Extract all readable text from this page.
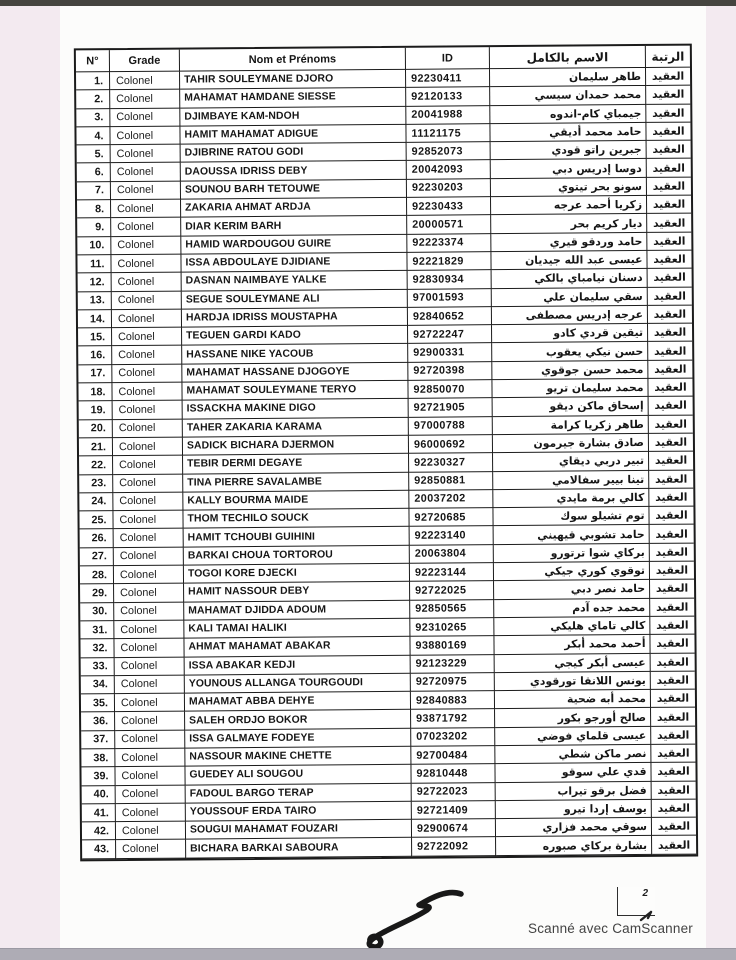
N°	Grade	Nom et Prénoms	ID	الاسم بالكامل	الرتبة
1.	Colonel	TAHIR SOULEYMANE DJORO	92230411	طاهر سليمان	العقيد
2.	Colonel	MAHAMAT HAMDANE SIESSE	92120133	محمد حمدان سيسي	العقيد
3.	Colonel	DJIMBAYE KAM-NDOH	20041988	جيمباي كام-اندوه	العقيد
4.	Colonel	HAMIT MAHAMAT ADIGUE	11121175	حامد محمد أديقي	العقيد
5.	Colonel	DJIBRINE RATOU GODI	92852073	جبرين راتو قودي	العقيد
6.	Colonel	DAOUSSA IDRISS DEBY	20042093	دوسا إدريس دبي	العقيد
7.	Colonel	SOUNOU BARH TETOUWE	92230203	سونو بحر تيتوي	العقيد
8.	Colonel	ZAKARIA AHMAT ARDJA	92230433	زكريا أحمد عرجه	العقيد
9.	Colonel	DIAR KERIM BARH	20000571	ديار كريم بحر	العقيد
10.	Colonel	HAMID WARDOUGOU GUIRE	92223374	حامد وردقو قيري	العقيد
11.	Colonel	ISSA ABDOULAYE DJIDIANE	92221829	عيسى عبد الله جيديان	العقيد
12.	Colonel	DASNAN NAIMBAYE YALKE	92830934	دسنان نيامباي بالكي	العقيد
13.	Colonel	SEGUE SOULEYMANE ALI	97001593	سقي سليمان علي	العقيد
14.	Colonel	HARDJA IDRISS MOUSTAPHA	92840652	عرجه إدريس مصطفى	العقيد
15.	Colonel	TEGUEN GARDI KADO	92722247	تيقين قردي كادو	العقيد
16.	Colonel	HASSANE NIKE YACOUB	92900331	حسن نيكي يعقوب	العقيد
17.	Colonel	MAHAMAT HASSANE DJOGOYE	92720398	محمد حسن جوقوي	العقيد
18.	Colonel	MAHAMAT SOULEYMANE TERYO	92850070	محمد سليمان تريو	العقيد
19.	Colonel	ISSACKHA MAKINE DIGO	92721905	إسحاق ماكن ديقو	العقيد
20.	Colonel	TAHER ZAKARIA KARAMA	97000788	طاهر زكريا كرامة	العقيد
21.	Colonel	SADICK BICHARA DJERMON	96000692	صادق بشارة جيرمون	العقيد
22.	Colonel	TEBIR DERMI DEGAYE	92230327	تبير دربي ديقاي	العقيد
23.	Colonel	TINA PIERRE SAVALAMBE	92850881	تينا بيير سفالامي	العقيد
24.	Colonel	KALLY BOURMA MAIDE	20037202	كالي برمة مايدي	العقيد
25.	Colonel	THOM TECHILO SOUCK	92720685	توم تشيلو سوك	العقيد
26.	Colonel	HAMIT TCHOUBI GUIHINI	92223140	حامد تشوبي قيهيني	العقيد
27.	Colonel	BARKAI CHOUA TORTOROU	20063804	بركاي شوا ترتورو	العقيد
28.	Colonel	TOGOI KORE DJECKI	92223144	توقوي كوري جيكي	العقيد
29.	Colonel	HAMIT NASSOUR DEBY	92722025	حامد نصر دبي	العقيد
30.	Colonel	MAHAMAT DJIDDA ADOUM	92850565	محمد جده آدم	العقيد
31.	Colonel	KALI TAMAI HALIKI	92310265	كالي تاماي هليكي	العقيد
32.	Colonel	AHMAT MAHAMAT ABAKAR	93880169	أحمد محمد أبكر	العقيد
33.	Colonel	ISSA ABAKAR KEDJI	92123229	عيسى أبكر كيجي	العقيد
34.	Colonel	YOUNOUS ALLANGA TOURGOUDI	92720975	يونس اللانقا تورقودي	العقيد
35.	Colonel	MAHAMAT ABBA DEHYE	92840883	محمد أبه ضحية	العقيد
36.	Colonel	SALEH ORDJO BOKOR	93871792	صالح أورجو بكور	العقيد
37.	Colonel	ISSA GALMAYE FODEYE	07023202	عيسى قلماي فوضي	العقيد
38.	Colonel	NASSOUR MAKINE CHETTE	92700484	نصر ماكن شطي	العقيد
39.	Colonel	GUEDEY ALI SOUGOU	92810448	قدي علي سوقو	العقيد
40.	Colonel	FADOUL BARGO TERAP	92722023	فضل برقو تيراب	العقيد
41.	Colonel	YOUSSOUF ERDA TAIRO	92721409	يوسف إردا تيرو	العقيد
42.	Colonel	SOUGUI MAHAMAT FOUZARI	92900674	سوقي محمد فزاري	العقيد
43.	Colonel	BICHARA BARKAI SABOURA	92722092	بشارة بركاي صبوره	العقيد
2
Scanné avec CamScanner
